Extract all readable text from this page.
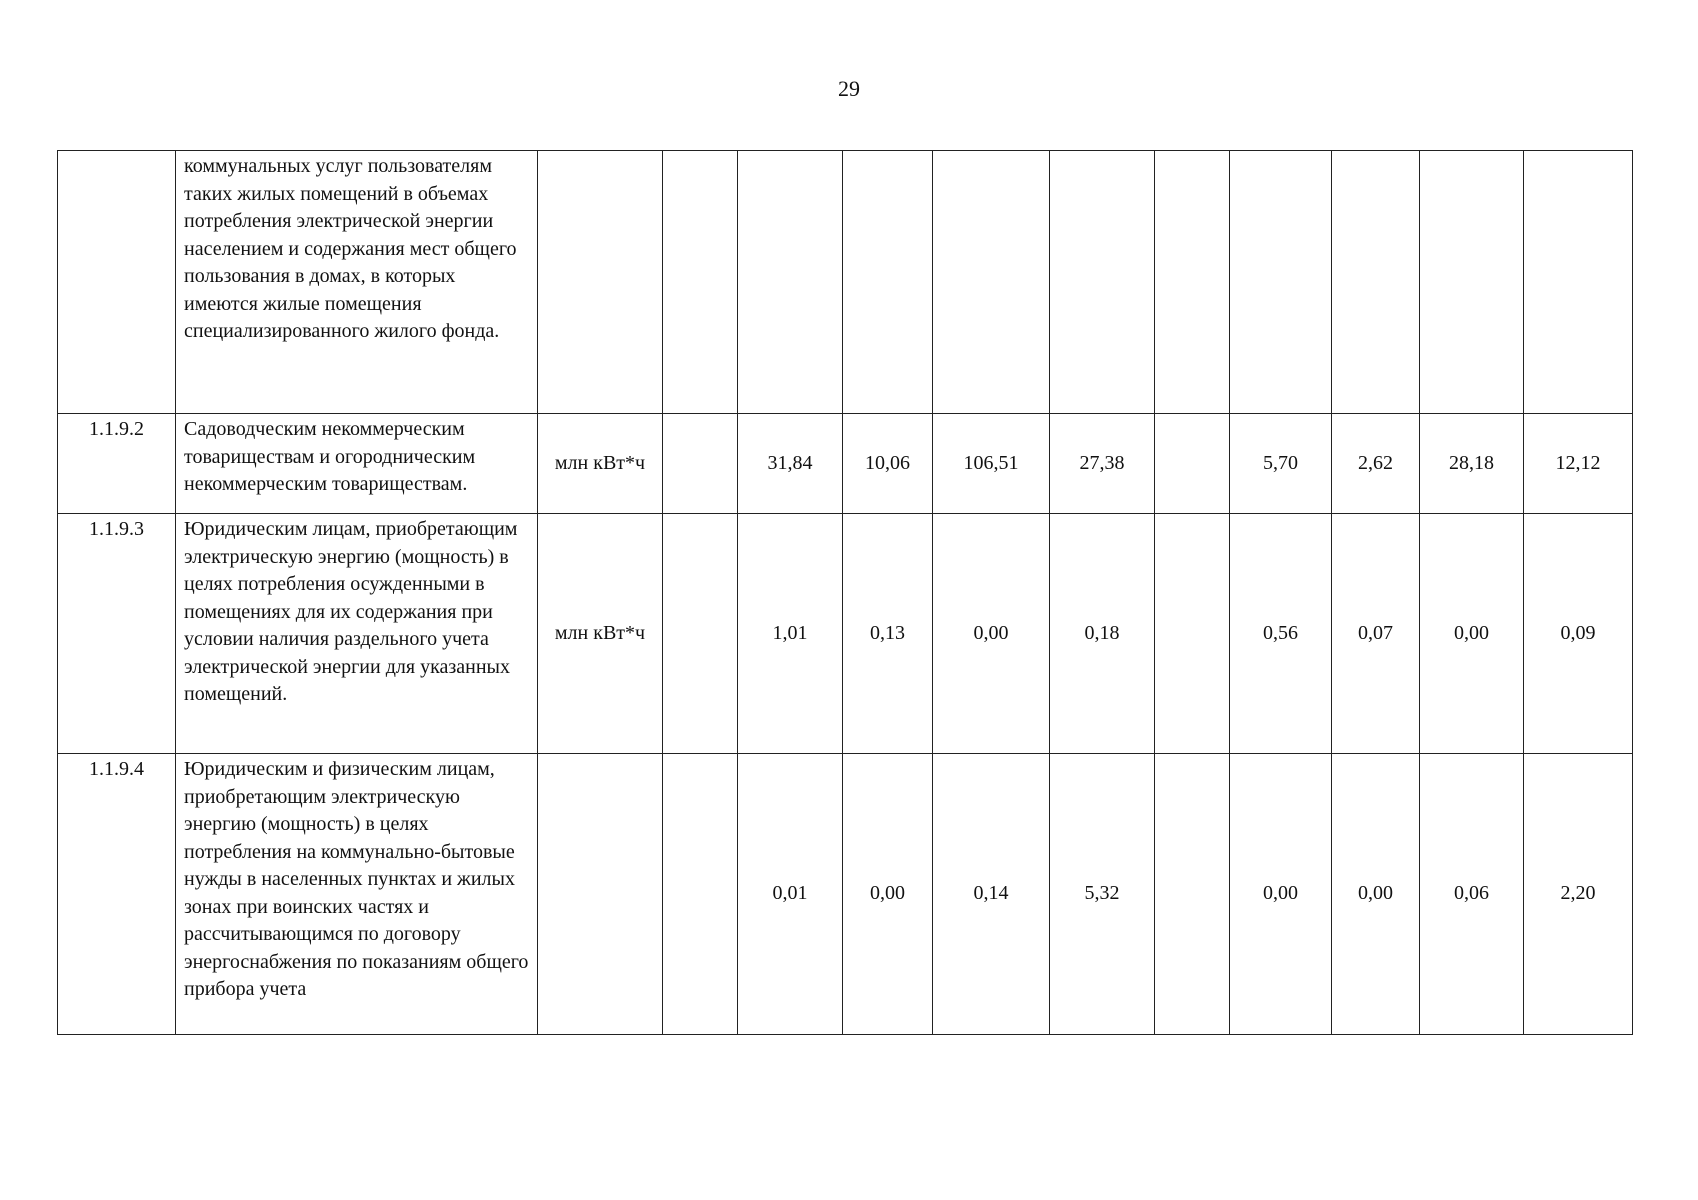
29
	коммунальных услуг пользователям таких жилых помещений в объемах потребления электрической энергии населением и содержания мест общего пользования в домах, в которых имеются жилые помещения специализированного жилого фонда.											
1.1.9.2	Садоводческим некоммерческим товариществам и огородническим некоммерческим товариществам.	млн кВт*ч		31,84	10,06	106,51	27,38		5,70	2,62	28,18	12,12
1.1.9.3	Юридическим лицам, приобретающим электрическую энергию (мощность) в целях потребления осужденными в помещениях для их содержания при условии наличия раздельного учета электрической энергии для указанных помещений.	млн кВт*ч		1,01	0,13	0,00	0,18		0,56	0,07	0,00	0,09
1.1.9.4	Юридическим и физическим лицам, приобретающим электрическую энергию (мощность) в целях потребления на коммунально-бытовые нужды в населенных пунктах и жилых зонах при воинских частях и рассчитывающимся по договору энергоснабжения по показаниям общего прибора учета			0,01	0,00	0,14	5,32		0,00	0,00	0,06	2,20
